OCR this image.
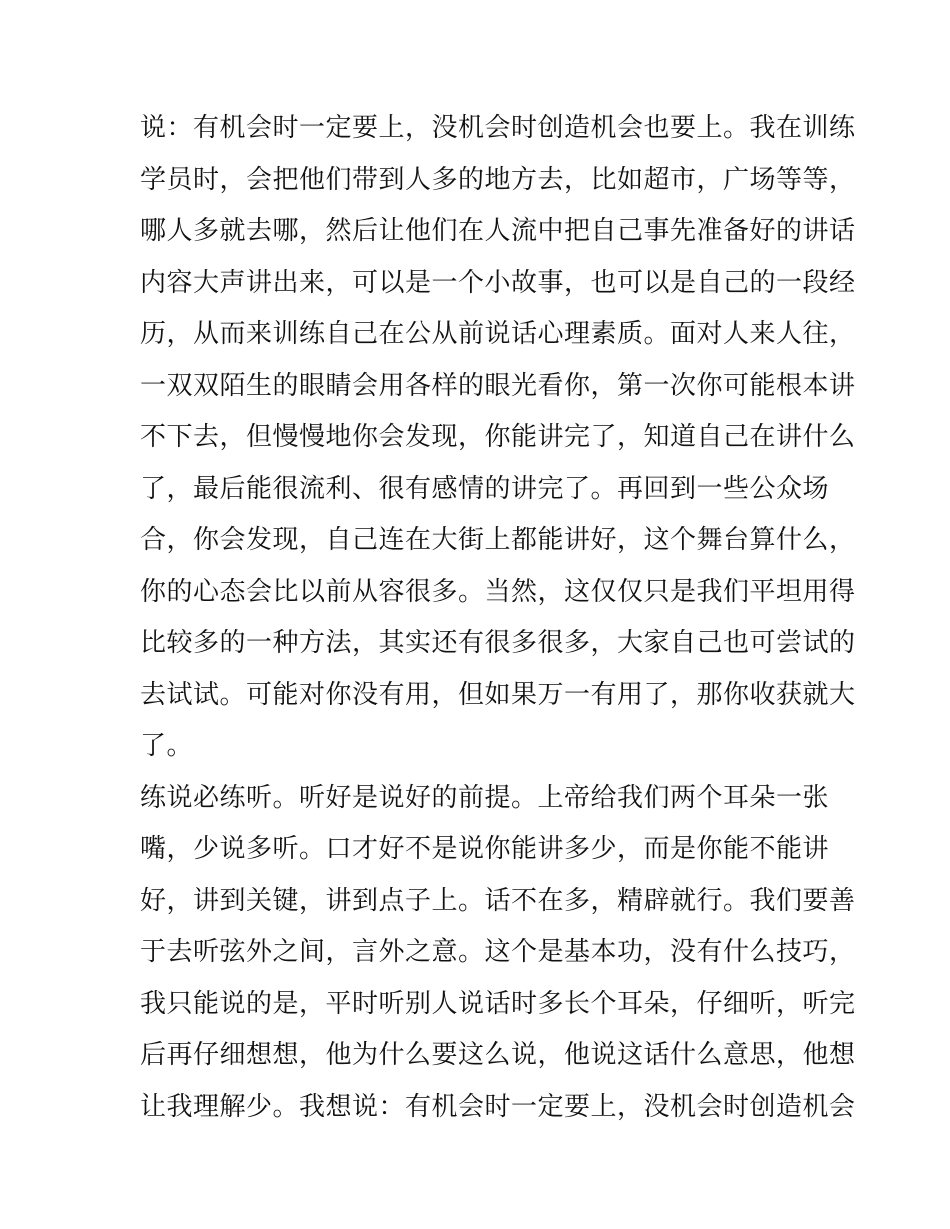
说：有机会时一定要上，没机会时创造机会也要上。我在训练
学员时，会把他们带到人多的地方去，比如超市，广场等等，
哪人多就去哪，然后让他们在人流中把自己事先准备好的讲话
内容大声讲出来，可以是一个小故事，也可以是自己的一段经
历，从而来训练自己在公从前说话心理素质。面对人来人往，
一双双陌生的眼睛会用各样的眼光看你，第一次你可能根本讲
不下去，但慢慢地你会发现，你能讲完了，知道自己在讲什么
了，最后能很流利、很有感情的讲完了。再回到一些公众场
合，你会发现，自己连在大街上都能讲好，这个舞台算什么，
你的心态会比以前从容很多。当然，这仅仅只是我们平坦用得
比较多的一种方法，其实还有很多很多，大家自己也可尝试的
去试试。可能对你没有用，但如果万一有用了，那你收获就大
了。
练说必练听。听好是说好的前提。上帝给我们两个耳朵一张
嘴，少说多听。口才好不是说你能讲多少，而是你能不能讲
好，讲到关键，讲到点子上。话不在多，精辟就行。我们要善
于去听弦外之间，言外之意。这个是基本功，没有什么技巧，
我只能说的是，平时听别人说话时多长个耳朵，仔细听，听完
后再仔细想想，他为什么要这么说，他说这话什么意思，他想
让我理解少。我想说：有机会时一定要上，没机会时创造机会
